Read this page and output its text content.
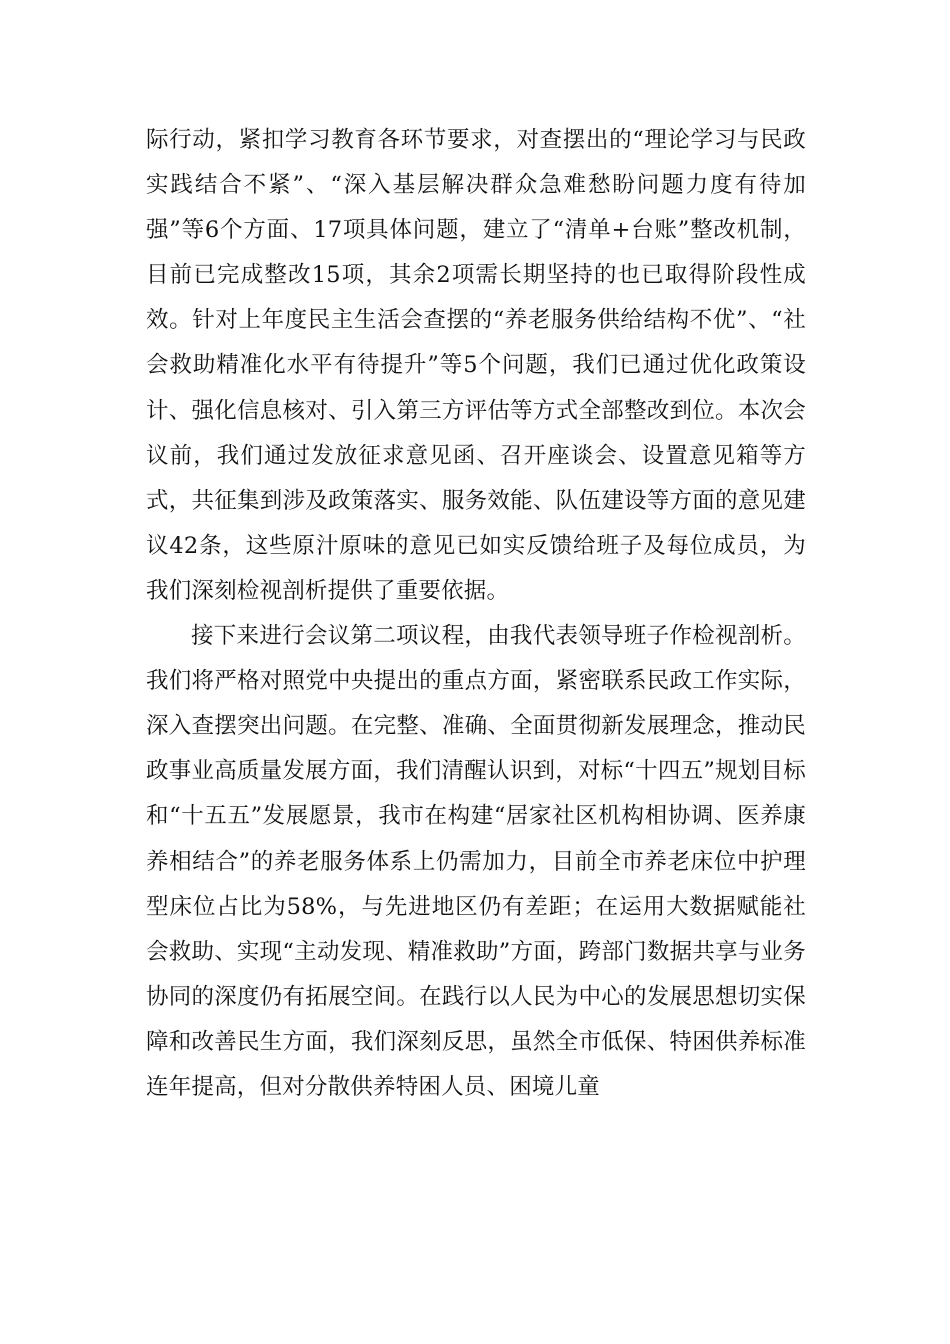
际行动，紧扣学习教育各环节要求，对查摆出的“理论学习与民政实践结合不紧”、“深入基层解决群众急难愁盼问题力度有待加强”等6个方面、17项具体问题，建立了“清单+台账”整改机制，目前已完成整改15项，其余2项需长期坚持的也已取得阶段性成效。针对上年度民主生活会查摆的“养老服务供给结构不优”、“社会救助精准化水平有待提升”等5个问题，我们已通过优化政策设计、强化信息核对、引入第三方评估等方式全部整改到位。本次会议前，我们通过发放征求意见函、召开座谈会、设置意见箱等方式，共征集到涉及政策落实、服务效能、队伍建设等方面的意见建议42条，这些原汁原味的意见已如实反馈给班子及每位成员，为我们深刻检视剖析提供了重要依据。

接下来进行会议第二项议程，由我代表领导班子作检视剖析。我们将严格对照党中央提出的重点方面，紧密联系民政工作实际，深入查摆突出问题。在完整、准确、全面贯彻新发展理念，推动民政事业高质量发展方面，我们清醒认识到，对标“十四五”规划目标和“十五五”发展愿景，我市在构建“居家社区机构相协调、医养康养相结合”的养老服务体系上仍需加力，目前全市养老床位中护理型床位占比为58%，与先进地区仍有差距；在运用大数据赋能社会救助、实现“主动发现、精准救助”方面，跨部门数据共享与业务协同的深度仍有拓展空间。在践行以人民为中心的发展思想切实保障和改善民生方面，我们深刻反思，虽然全市低保、特困供养标准连年提高，但对分散供养特困人员、困境儿童
